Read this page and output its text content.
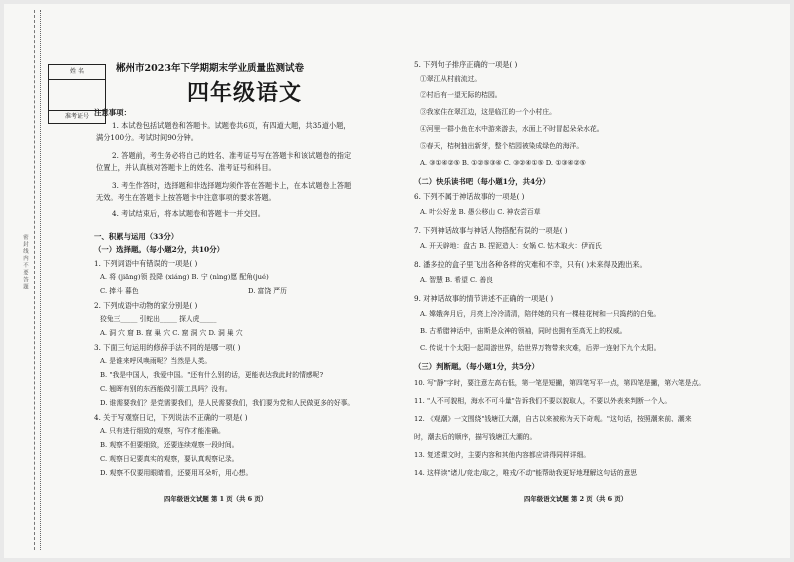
密 封 线 内 不 要 答 题
姓 名
准考证号
郴州市2023年下学期期末学业质量监测试卷
四年级语文
注意事项：
1. 本试卷包括试题卷和答题卡。试题卷共6页，有四道大题，共35道小题，
满分100分。考试时间90分钟。
2. 答题前，考生务必将自己的姓名、准考证号写在答题卡和该试题卷的指定
位置上，并认真核对答题卡上的姓名、准考证号和科目。
3. 考生作答时，选择题和非选择题均须作答在答题卡上，在本试题卷上答题
无效。考生在答题卡上按答题卡中注意事项的要求答题。
4. 考试结束后，将本试题卷和答题卡一并交回。
一、积累与运用（33分）
（一）选择题。（每小题2分，共10分）
1. 下列词语中有错误的一项是( )
A. 将 (jiāng)领 投降 (xiáng) B. 宁 (nìng)愿 配角(jué)
C. 捧斗 暮色	D. 富饶 严历
2. 下列成语中动物的家分别是( )
狡兔三_____ 引蛇出_____ 探人虎_____
A. 洞 穴 窟 B. 窟 巢 穴 C. 窟 洞 穴 D. 洞 巢 穴
3. 下面三句运用的修辞手法不同的是哪一项( )
A. 是谁来呼风唤雨呢？当然是人类。
B. "我是中国人，我爱中国。"还有什么别的话，更能表达我此时的情感呢?
C. 翘晖有别的东西能做引箭工具吗？没有。
D. 谁需要我们？是党需要我们，是人民需要我们，我们要为党和人民做更多的好事。
4. 关于写观察日记，下列说法不正确的一项是( )
A. 只有进行细致的观察，写作才能准确。
B. 观察不但要细致，还要连续观察一段时间。
C. 观察日记要真实的观察，要认真观察记录。
D. 观察不仅要用眼睛看，还要用耳朵听，用心想。
四年级语文试题 第 1 页（共 6 页）
5. 下列句子排序正确的一项是( )
①翠江从村前流过。
②村后有一望无际的桔园。
③我家住在翠江边，这是临江的一个小村庄。
④河里一群小鱼在水中游来游去，水面上不时冒起朵朵水花。
⑤春天，桔树抽出新芽，整个桔园被染成绿色的海洋。
A. ③①④②⑤ B. ①②⑤③④ C. ③②④①⑤ D. ①③④②⑤
（二）快乐读书吧（每小题1分，共4分）
6. 下列不属于神话故事的一项是( )
A. 叶公好龙 B. 愚公移山 C. 神农尝百草
7. 下列神话故事与神话人物搭配有误的一项是( )
A. 开天辟地：盘古 B. 捏泥造人：女娲 C. 钻木取火：伊而氏
8. 潘多拉的盒子里飞出各种各样的灾难和不幸，只有( )未来得及跑出来。
A. 智慧 B. 希望 C. 善良
9. 对神话故事的情节讲述不正确的一项是( )
A. 嫦娥奔月后，月亮上冷冷清清，陪伴她的只有一棵桂花树和一只捣药的白兔。
B. 古希腊神话中，宙斯是众神的领袖，同时也拥有至高无上的权威。
C. 传说十个太阳一起周游世界，给世界万物带来灾难，后羿一连射下九个太阳。
（三）判断题。（每小题1分，共5分）
10. 写"静"字时，要注意左高右低，第一笔是短撇，第四笔写平一点，第四笔是撇，第六笔是点。
11. "人不可貌相，海水不可斗量"告诉我们不要以貌取人，不要以外表来判断一个人。
12. 《观潮》一文围绕"钱塘江大潮，自古以来被称为天下奇观。"这句话，按照潮来前、潮来
时，潮去后的顺序，描写钱塘江大潮的。
13. 复述课文时，主要内容和其他内容都应讲得同样详细。
14. 这样读"诸儿/竞走/取之，唯戎/不动"能帮助我更好地理解这句话的意思
四年级语文试题 第 2 页（共 6 页）
